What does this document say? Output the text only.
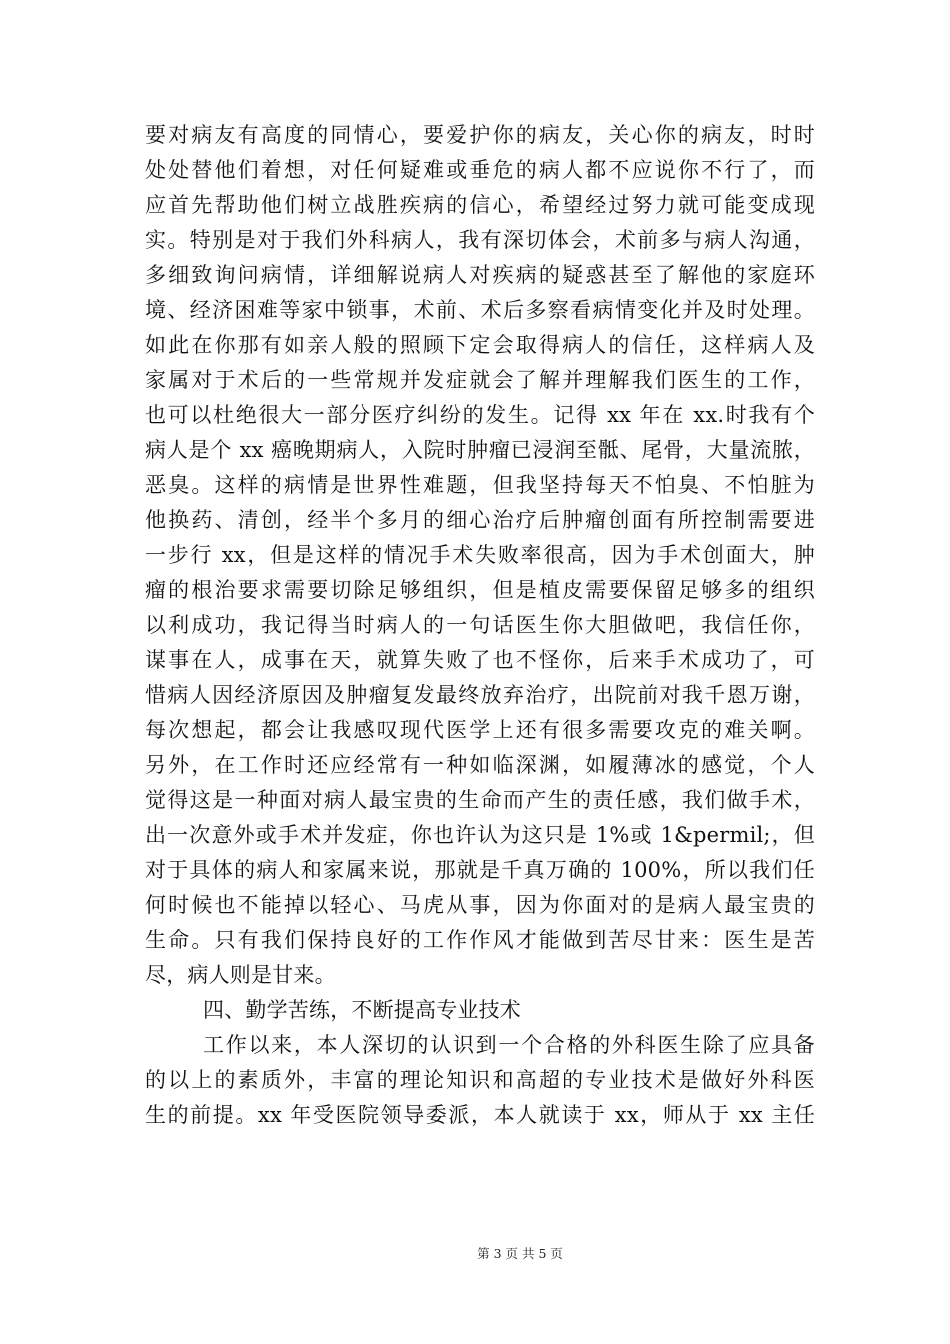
要对病友有高度的同情心，要爱护你的病友，关心你的病友，时时
处处替他们着想，对任何疑难或垂危的病人都不应说你不行了，而
应首先帮助他们树立战胜疾病的信心，希望经过努力就可能变成现
实。特别是对于我们外科病人，我有深切体会，术前多与病人沟通，
多细致询问病情，详细解说病人对疾病的疑惑甚至了解他的家庭环
境、经济困难等家中锁事，术前、术后多察看病情变化并及时处理。
如此在你那有如亲人般的照顾下定会取得病人的信任，这样病人及
家属对于术后的一些常规并发症就会了解并理解我们医生的工作，
也可以杜绝很大一部分医疗纠纷的发生。记得 xx 年在 xx.时我有个
病人是个 xx 癌晚期病人，入院时肿瘤已浸润至骶、尾骨，大量流脓，
恶臭。这样的病情是世界性难题，但我坚持每天不怕臭、不怕脏为
他换药、清创，经半个多月的细心治疗后肿瘤创面有所控制需要进
一步行 xx，但是这样的情况手术失败率很高，因为手术创面大，肿
瘤的根治要求需要切除足够组织，但是植皮需要保留足够多的组织
以利成功，我记得当时病人的一句话医生你大胆做吧，我信任你，
谋事在人，成事在天，就算失败了也不怪你，后来手术成功了，可
惜病人因经济原因及肿瘤复发最终放弃治疗，出院前对我千恩万谢，
每次想起，都会让我感叹现代医学上还有很多需要攻克的难关啊。
另外，在工作时还应经常有一种如临深渊，如履薄冰的感觉，个人
觉得这是一种面对病人最宝贵的生命而产生的责任感，我们做手术，
出一次意外或手术并发症，你也许认为这只是 1%或 1&permil;，但
对于具体的病人和家属来说，那就是千真万确的 100%，所以我们任
何时候也不能掉以轻心、马虎从事，因为你面对的是病人最宝贵的
生命。只有我们保持良好的工作作风才能做到苦尽甘来：医生是苦
尽，病人则是甘来。
四、勤学苦练，不断提高专业技术
工作以来，本人深切的认识到一个合格的外科医生除了应具备
的以上的素质外，丰富的理论知识和高超的专业技术是做好外科医
生的前提。xx 年受医院领导委派，本人就读于 xx，师从于 xx 主任
第 3 页 共 5 页
